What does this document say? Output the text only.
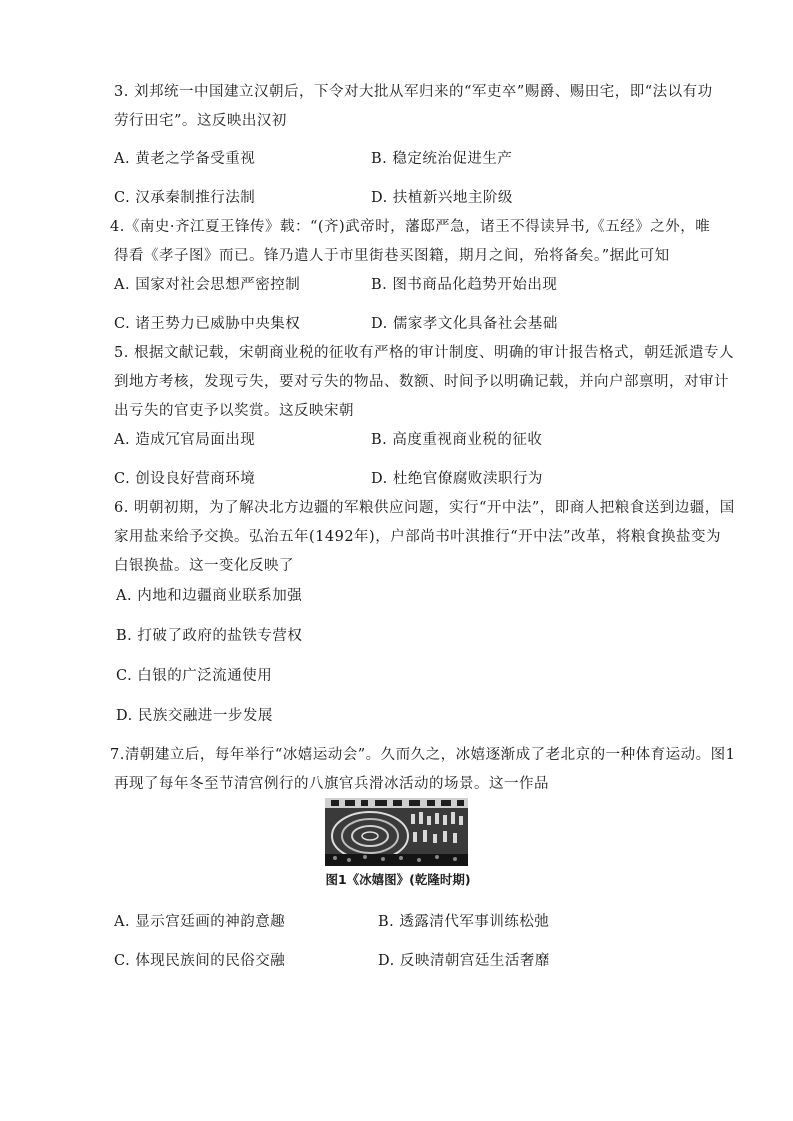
3. 刘邦统一中国建立汉朝后，下令对大批从军归来的“军吏卒”赐爵、赐田宅，即“法以有功
劳行田宅”。这反映出汉初
A. 黄老之学备受重视	B. 稳定统治促进生产
C. 汉承秦制推行法制	D. 扶植新兴地主阶级
4.《南史·齐江夏王锋传》载：“(齐)武帝时，藩邸严急，诸王不得读异书,《五经》之外，唯
得看《孝子图》而已。锋乃遣人于市里街巷买图籍，期月之间，殆将备矣。”据此可知
A. 国家对社会思想严密控制	B. 图书商品化趋势开始出现
C. 诸王势力已威胁中央集权	D. 儒家孝文化具备社会基础
5. 根据文献记载，宋朝商业税的征收有严格的审计制度、明确的审计报告格式，朝廷派遣专人
到地方考核，发现亏失，要对亏失的物品、数额、时间予以明确记载，并向户部禀明，对审计
出亏失的官吏予以奖赏。这反映宋朝
A. 造成冗官局面出现	B. 高度重视商业税的征收
C. 创设良好营商环境	D. 杜绝官僚腐败渎职行为
6. 明朝初期，为了解决北方边疆的军粮供应问题，实行“开中法”，即商人把粮食送到边疆，国
家用盐来给予交换。弘治五年(1492年)，户部尚书叶淇推行“开中法”改革，将粮食换盐变为
白银换盐。这一变化反映了
A. 内地和边疆商业联系加强
B. 打破了政府的盐铁专营权
C. 白银的广泛流通使用
D. 民族交融进一步发展
7.清朝建立后，每年举行“冰嬉运动会”。久而久之，冰嬉逐渐成了老北京的一种体育运动。图1
再现了每年冬至节清宫例行的八旗官兵滑冰活动的场景。这一作品
图1《冰嬉图》(乾隆时期)
A. 显示宫廷画的神韵意趣	B. 透露清代军事训练松弛
C. 体现民族间的民俗交融	D. 反映清朝宫廷生活奢靡
